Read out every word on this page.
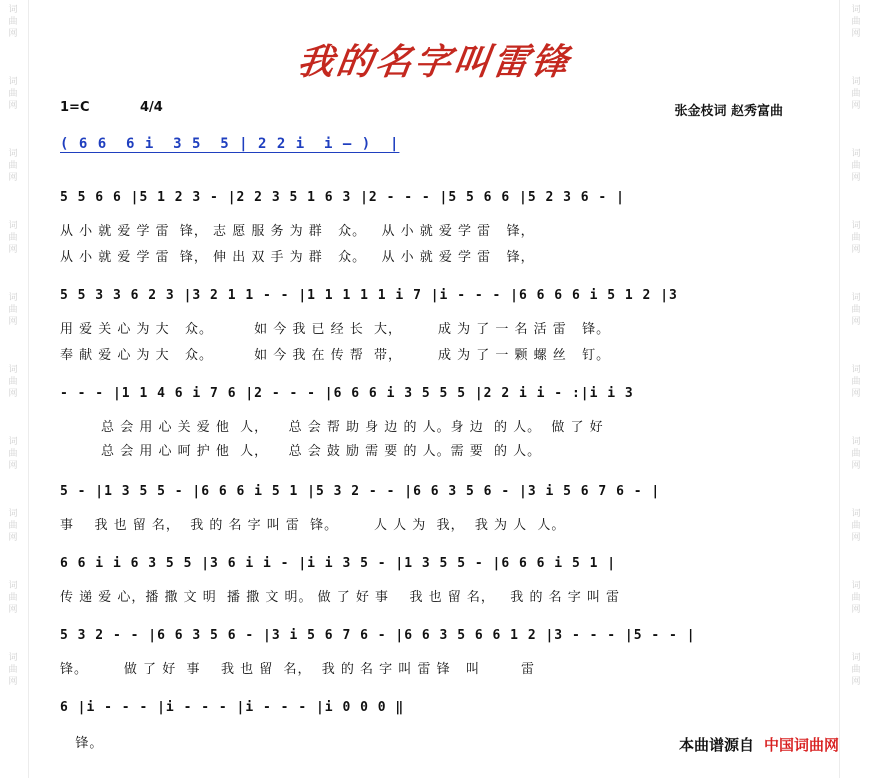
词
曲
网
词
曲
网
词
曲
网
词
曲
网
词
曲
网
词
曲
网
词
曲
网
词
曲
网
词
曲
网
词
曲
网
词
曲
网
词
曲
网
词
曲
网
词
曲
网
词
曲
网
词
曲
网
词
曲
网
词
曲
网
词
曲
网
词
曲
网
我的名字叫雷锋
1=C	4/4	张金枝词 赵秀富曲
( 6 6  6 i  3 5  5 | 2 2 i  i — )  |
5 5 6 6 |5 1 2 3 - |2 2 3 5 1 6 3 |2 - - - |5 5 6 6 |5 2 3 6 - |
从 小 就 爱 学 雷  锋， 志 愿 服 务 为 群   众。   从 小 就 爱 学 雷   锋，
从 小 就 爱 学 雷  锋， 伸 出 双 手 为 群   众。   从 小 就 爱 学 雷   锋，
5 5 3 3 6 2 3 |3 2 1 1 - - |1 1 1 1 1 i 7 |i - - - |6 6 6 6 i 5 1 2 |3
用 爱 关 心 为 大   众。        如 今 我 已 经 长  大，       成 为 了 一 名 活 雷   锋。
奉 献 爱 心 为 大   众。        如 今 我 在 传 帮  带，       成 为 了 一 颗 螺 丝   钉。
- - - |1 1 4 6 i 7 6 |2 - - - |6 6 6 i 3 5 5 5 |2 2 i i - :|i i 3
总 会 用 心 关 爱 他  人，    总 会 帮 助 身 边 的 人。身 边  的 人。  做 了 好
总 会 用 心 呵 护 他  人，    总 会 鼓 励 需 要 的 人。需 要  的 人。
5 - |1 3 5 5 - |6 6 6 i 5 1 |5 3 2 - - |6 6 3 5 6 - |3 i 5 6 7 6 - |
事    我 也 留 名，  我 的 名 字 叫 雷  锋。       人 人 为  我，  我 为 人  人。
6 6 i i 6 3 5 5 |3 6 i i - |i i 3 5 - |1 3 5 5 - |6 6 6 i 5 1 |
传 递 爱 心，播 撒 文 明  播 撒 文 明。 做 了 好 事    我 也 留 名，   我 的 名 字 叫 雷
5 3 2 - - |6 6 3 5 6 - |3 i 5 6 7 6 - |6 6 3 5 6 6 1 2 |3 - - - |5 - - |
锋。       做 了 好  事    我 也 留  名，  我 的 名 字 叫 雷 锋   叫        雷
6 |i - - - |i - - - |i - - - |i 0 0 0 ‖
锋。	本曲谱源自 中国词曲网
